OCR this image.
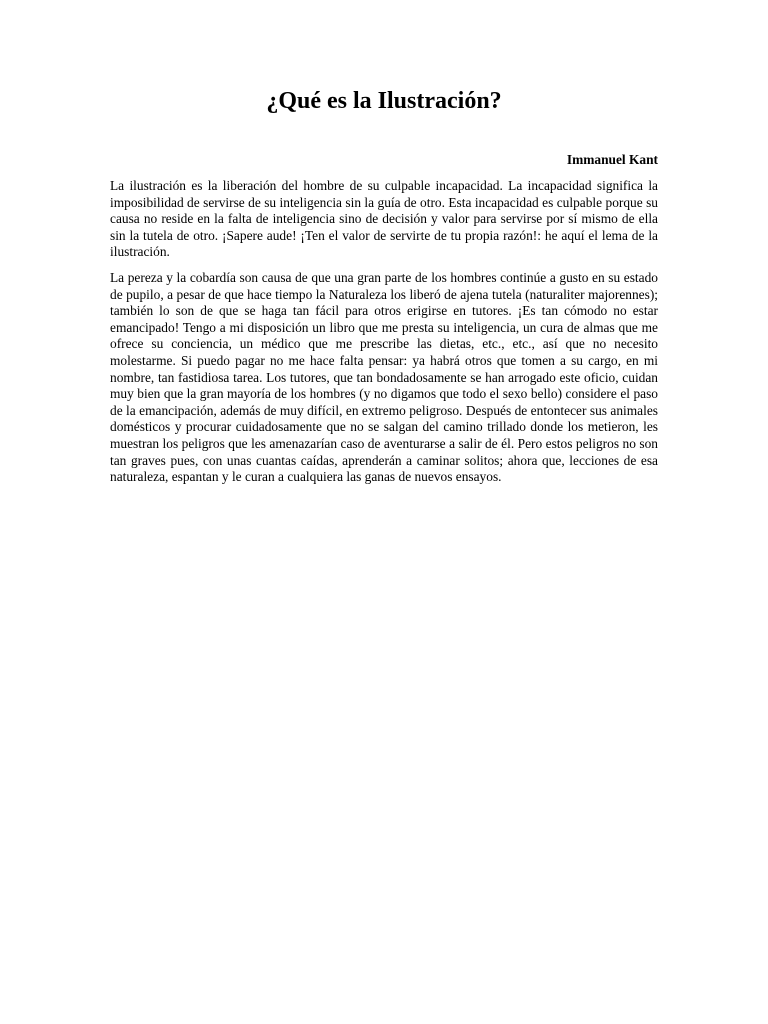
¿Qué es la Ilustración?

Immanuel Kant

La ilustración es la liberación del hombre de su culpable incapacidad. La incapacidad significa la imposibilidad de servirse de su inteligencia sin la guía de otro. Esta incapacidad es culpable porque su causa no reside en la falta de inteligencia sino de decisión y valor para servirse por sí mismo de ella sin la tutela de otro. ¡Sapere aude! ¡Ten el valor de servirte de tu propia razón!: he aquí el lema de la ilustración.

La pereza y la cobardía son causa de que una gran parte de los hombres continúe a gusto en su estado de pupilo, a pesar de que hace tiempo la Naturaleza los liberó de ajena tutela (naturaliter majorennes); también lo son de que se haga tan fácil para otros erigirse en tutores. ¡Es tan cómodo no estar emancipado! Tengo a mi disposición un libro que me presta su inteligencia, un cura de almas que me ofrece su conciencia, un médico que me prescribe las dietas, etc., etc., así que no necesito molestarme. Si puedo pagar no me hace falta pensar: ya habrá otros que tomen a su cargo, en mi nombre, tan fastidiosa tarea. Los tutores, que tan bondadosamente se han arrogado este oficio, cuidan muy bien que la gran mayoría de los hombres (y no digamos que todo el sexo bello) considere el paso de la emancipación, además de muy difícil, en extremo peligroso. Después de entontecer sus animales domésticos y procurar cuidadosamente que no se salgan del camino trillado donde los metieron, les muestran los peligros que les amenazarían caso de aventurarse a salir de él. Pero estos peligros no son tan graves pues, con unas cuantas caídas, aprenderán a caminar solitos; ahora que, lecciones de esa naturaleza, espantan y le curan a cualquiera las ganas de nuevos ensayos.
